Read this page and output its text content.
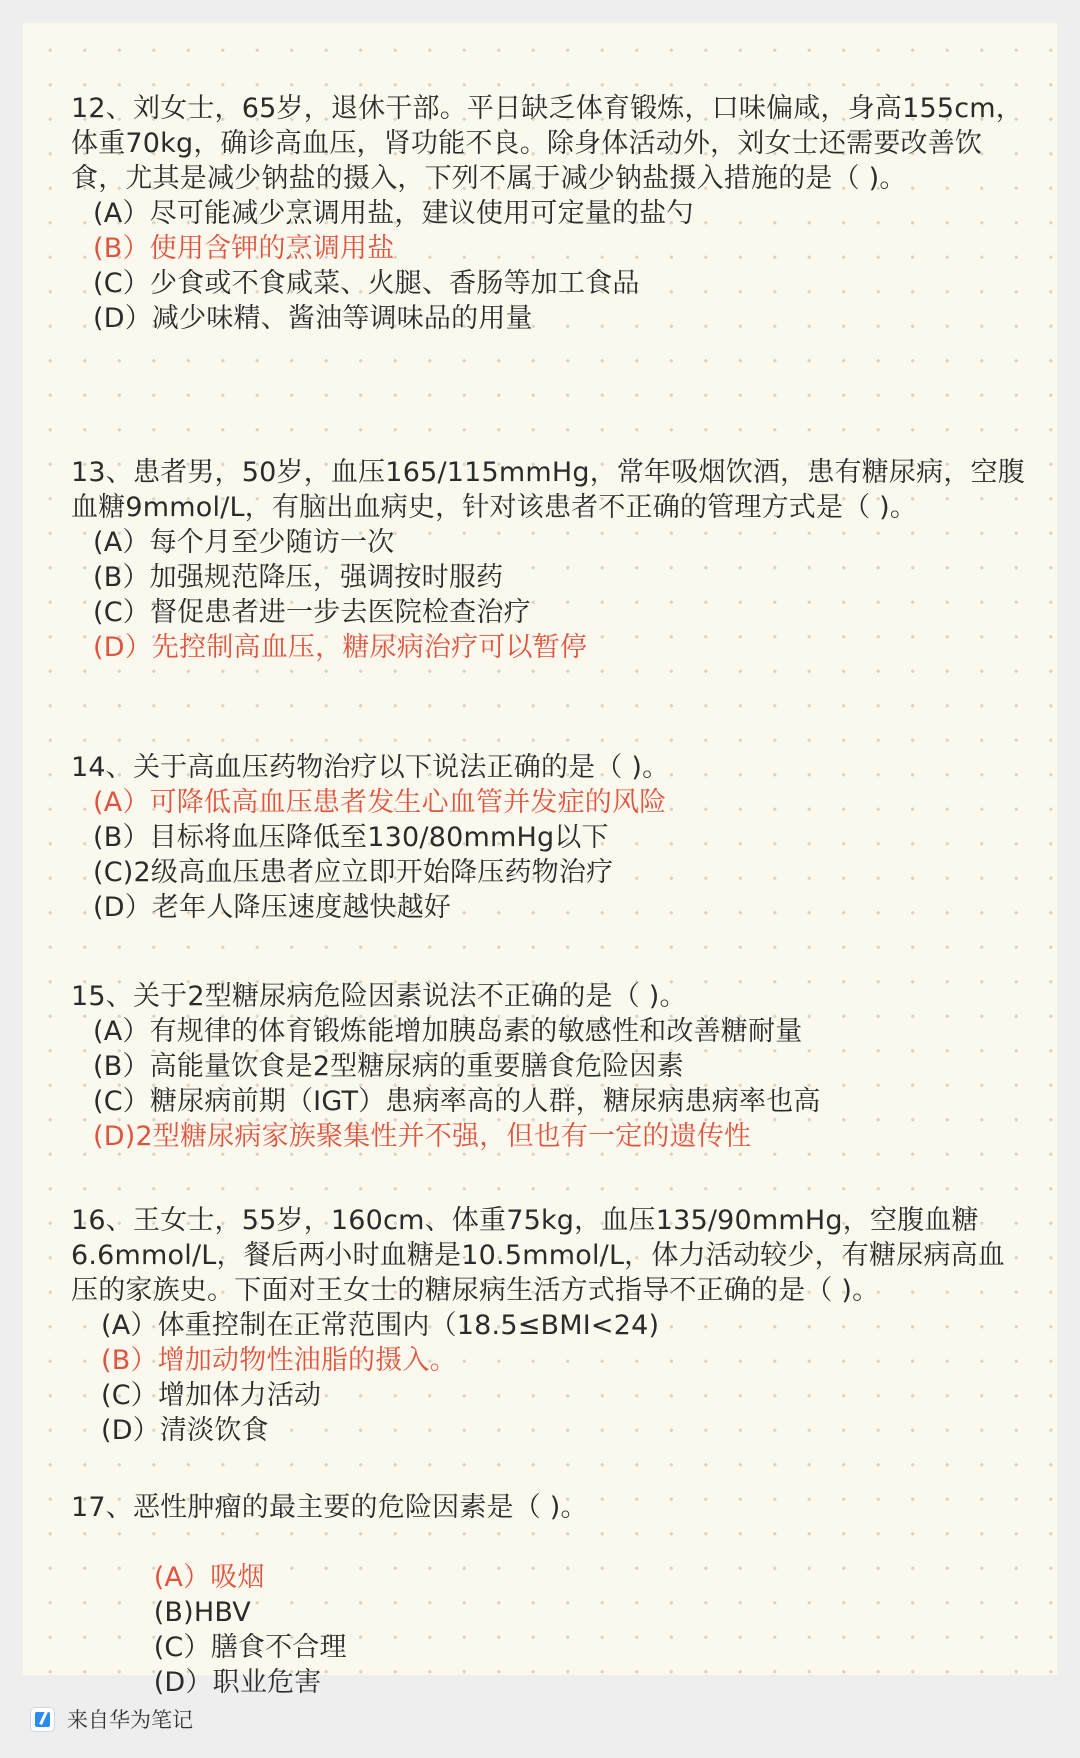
12、刘女士，65岁，退休干部。平日缺乏体育锻炼，口味偏咸，身高155cm，体重70kg，确诊高血压，肾功能不良。除身体活动外，刘女士还需要改善饮食，尤其是减少钠盐的摄入，下列不属于减少钠盐摄入措施的是（ )。

(A）尽可能减少烹调用盐，建议使用可定量的盐勺
(B）使用含钾的烹调用盐
(C）少食或不食咸菜、火腿、香肠等加工食品
(D）减少味精、酱油等调味品的用量

13、患者男，50岁，血压165/115mmHg，常年吸烟饮酒，患有糖尿病，空腹血糖9mmol/L，有脑出血病史，针对该患者不正确的管理方式是（ )。

(A）每个月至少随访一次
(B）加强规范降压，强调按时服药
(C）督促患者进一步去医院检查治疗
(D）先控制高血压，糖尿病治疗可以暂停

14、关于高血压药物治疗以下说法正确的是（ )。

(A）可降低高血压患者发生心血管并发症的风险
(B）目标将血压降低至130/80mmHg以下
(C)2级高血压患者应立即开始降压药物治疗
(D）老年人降压速度越快越好

15、关于2型糖尿病危险因素说法不正确的是（ )。

(A）有规律的体育锻炼能增加胰岛素的敏感性和改善糖耐量
(B）高能量饮食是2型糖尿病的重要膳食危险因素
(C）糖尿病前期（IGT）患病率高的人群，糖尿病患病率也高
(D)2型糖尿病家族聚集性并不强，但也有一定的遗传性

16、王女士，55岁，160cm、体重75kg，血压135/90mmHg，空腹血糖6.6mmol/L，餐后两小时血糖是10.5mmol/L，体力活动较少，有糖尿病高血压的家族史。下面对王女士的糖尿病生活方式指导不正确的是（ )。

(A）体重控制在正常范围内（18.5≤BMI<24)
(B）增加动物性油脂的摄入。
(C）增加体力活动
(D）清淡饮食

17、恶性肿瘤的最主要的危险因素是（ )。

(A）吸烟
(B)HBV
(C）膳食不合理
(D）职业危害

来自华为笔记
